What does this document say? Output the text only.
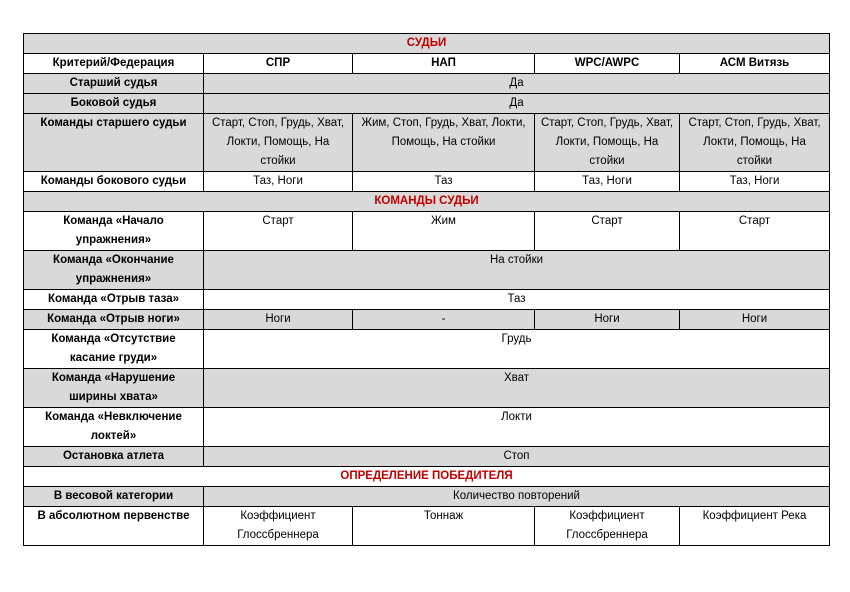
СУДЬИ				
Критерий/Федерация	СПР	НАП	WPC/AWPC	АСМ Витязь
Старший судья	Да			
Боковой судья	Да			
Команды старшего судьи	Старт, Стоп, Грудь, Хват, Локти, Помощь, На стойки	Жим, Стоп, Грудь, Хват, Локти, Помощь, На стойки	Старт, Стоп, Грудь, Хват, Локти, Помощь, На стойки	Старт, Стоп, Грудь, Хват, Локти, Помощь, На стойки
Команды бокового судьи	Таз, Ноги	Таз	Таз, Ноги	Таз, Ноги
КОМАНДЫ СУДЬИ				
Команда «Начало упражнения»	Старт	Жим	Старт	Старт
Команда «Окончание упражнения»	На стойки			
Команда «Отрыв таза»	Таз			
Команда «Отрыв ноги»	Ноги	-	Ноги	Ноги
Команда «Отсутствие касание груди»	Грудь			
Команда «Нарушение ширины хвата»	Хват			
Команда «Невключение локтей»	Локти			
Остановка атлета	Стоп			
ОПРЕДЕЛЕНИЕ ПОБЕДИТЕЛЯ				
В весовой категории	Количество повторений			
В абсолютном первенстве	Коэффициент Глоссбреннера	Тоннаж	Коэффициент Глоссбреннера	Коэффициент Река
